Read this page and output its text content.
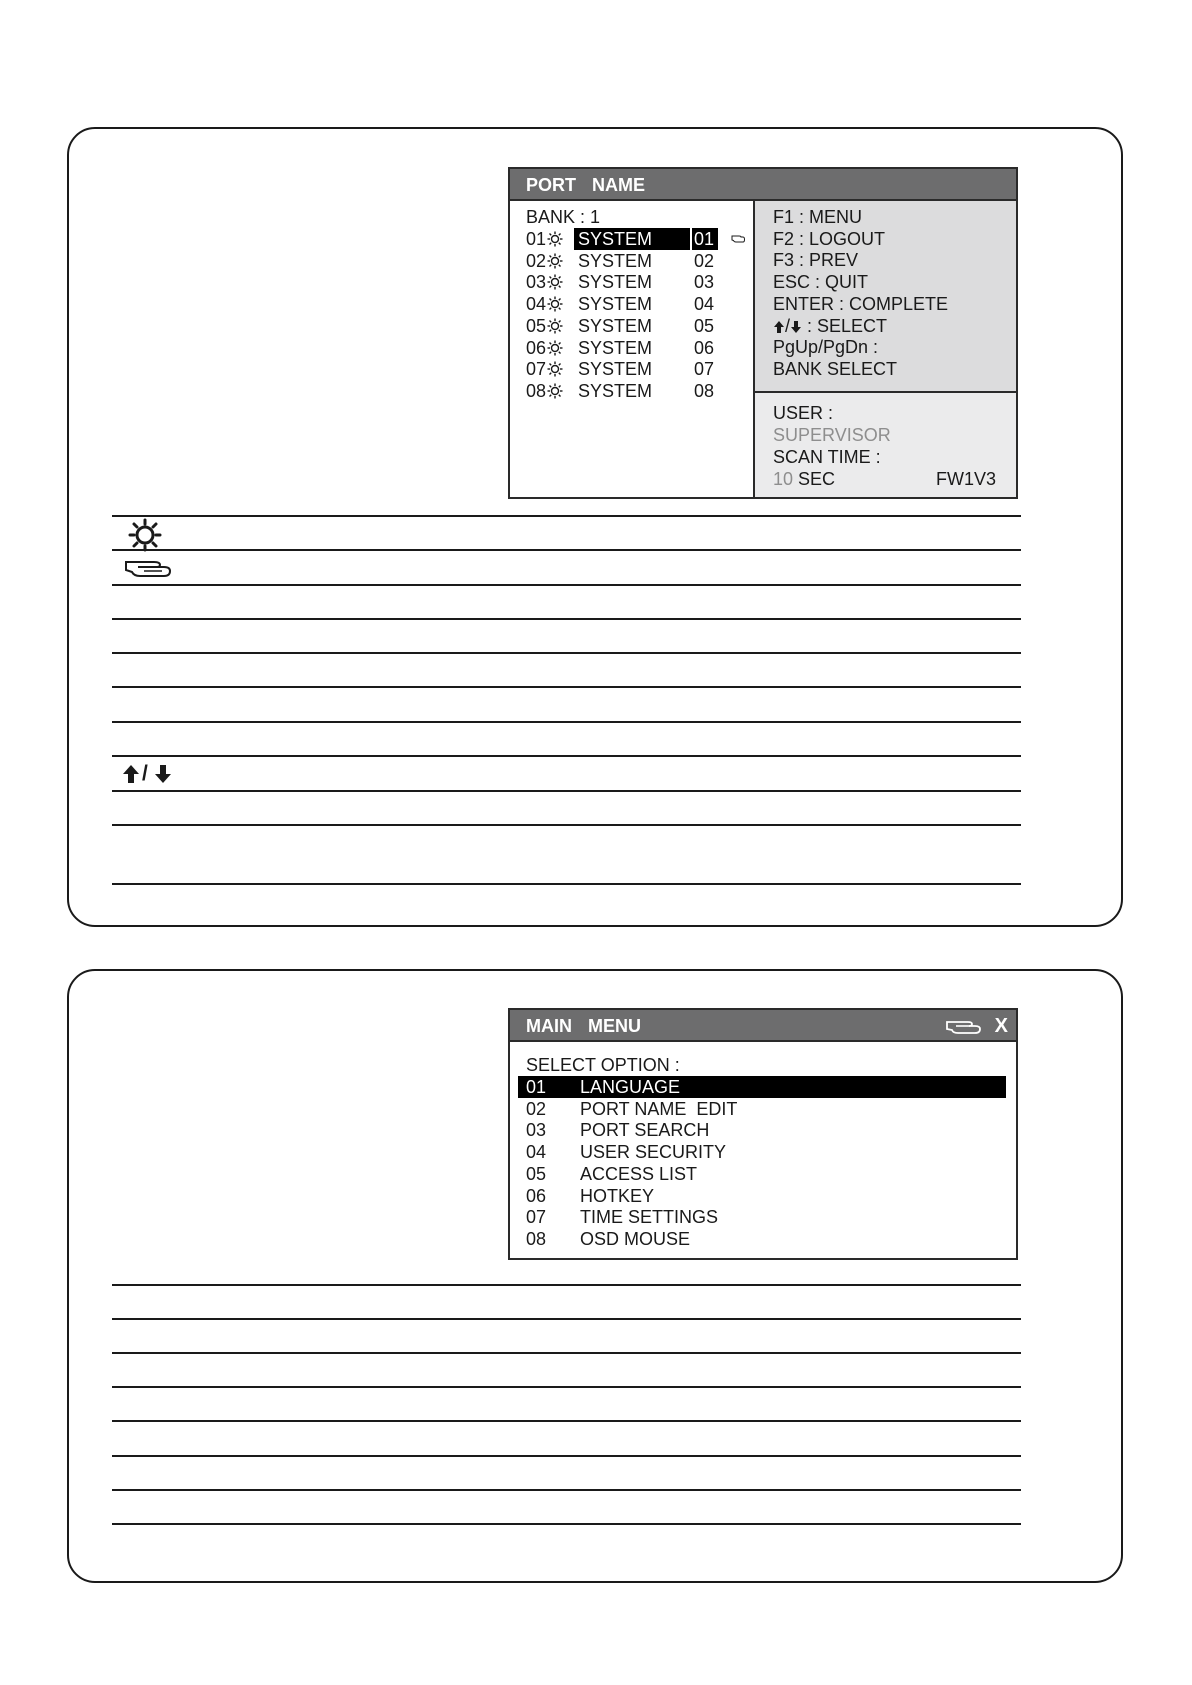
PORT NAME
BANK : 1
01 SYSTEM	01
02 SYSTEM 02
03 SYSTEM 03
04 SYSTEM 04
05 SYSTEM 05
06 SYSTEM 06
07 SYSTEM 07
08 SYSTEM 08
F1 : MENU
F2 : LOGOUT
F3 : PREV
ESC : QUIT
ENTER : COMPLETE
/ : SELECT
PgUp/PgDn :
BANK SELECT
USER :
SUPERVISOR
SCAN TIME :
10 SEC	FW1V3
/
MAIN MENU	X
SELECT OPTION :
01 LANGUAGE
02 PORT NAME  EDIT
03 PORT SEARCH
04 USER SECURITY
05 ACCESS LIST
06 HOTKEY
07 TIME SETTINGS
08 OSD MOUSE
